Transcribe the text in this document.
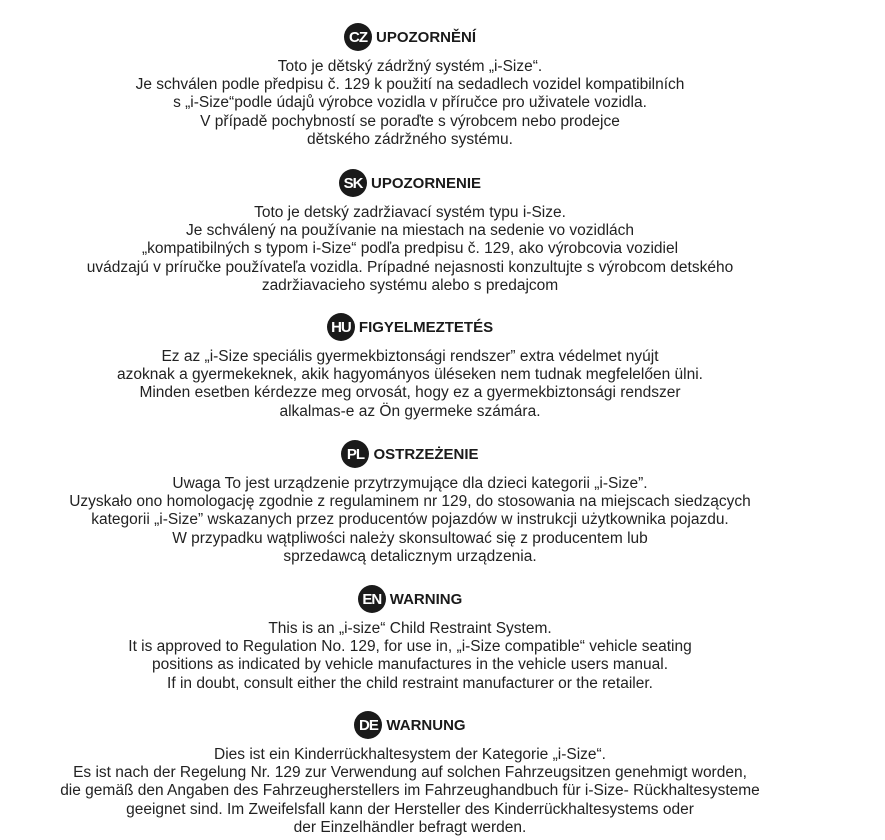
CZ UPOZORNĚNÍ
Toto je dětský zádržný systém „i-Size“.
Je schválen podle předpisu č. 129 k použití na sedadlech vozidel kompatibilních
s „i-Size“podle údajů výrobce vozidla v příručce pro uživatele vozidla.
V případě pochybností se poraďte s výrobcem nebo prodejce
dětského zádržného systému.
SK UPOZORNENIE
Toto je detský zadržiavací systém typu i-Size.
Je schválený na používanie na miestach na sedenie vo vozidlách
„kompatibilných s typom i-Size“ podľa predpisu č. 129, ako výrobcovia vozidiel
uvádzajú v príručke používateľa vozidla. Prípadné nejasnosti konzultujte s výrobcom detského
zadržiavacieho systému alebo s predajcom
HU FIGYELMEZTETÉS
Ez az „i-Size speciális gyermekbiztonsági rendszer” extra védelmet nyújt
azoknak a gyermekeknek, akik hagyományos üléseken nem tudnak megfelelően ülni.
Minden esetben kérdezze meg orvosát, hogy ez a gyermekbiztonsági rendszer
alkalmas-e az Ön gyermeke számára.
PL OSTRZEŻENIE
Uwaga To jest urządzenie przytrzymujące dla dzieci kategorii „i-Size”.
Uzyskało ono homologację zgodnie z regulaminem nr 129, do stosowania na miejscach siedzących
kategorii „i-Size” wskazanych przez producentów pojazdów w instrukcji użytkownika pojazdu.
W przypadku wątpliwości należy skonsultować się z producentem lub
sprzedawcą detalicznym urządzenia.
EN WARNING
This is an „i-size“ Child Restraint System.
It is approved to Regulation No. 129, for use in, „i-Size compatible“ vehicle seating
positions as indicated by vehicle manufactures in the vehicle users manual.
If in doubt, consult either the child restraint manufacturer or the retailer.
DE WARNUNG
Dies ist ein Kinderrückhaltesystem der Kategorie „i-Size“.
Es ist nach der Regelung Nr. 129 zur Verwendung auf solchen Fahrzeugsitzen genehmigt worden,
die gemäß den Angaben des Fahrzeugherstellers im Fahrzeughandbuch für i-Size- Rückhaltesysteme
geeignet sind. Im Zweifelsfall kann der Hersteller des Kinderrückhaltesystems oder
der Einzelhändler befragt werden.
